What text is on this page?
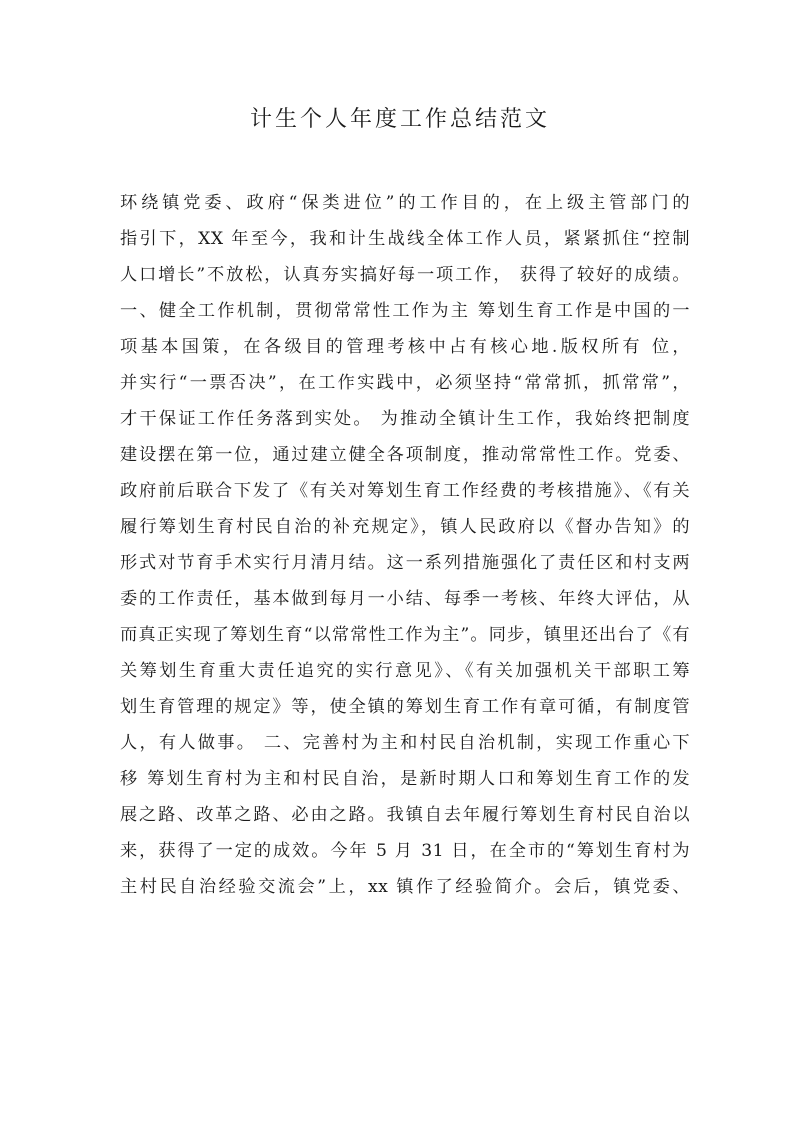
计生个人年度工作总结范文
环绕镇党委、政府“保类进位”的工作目的，在上级主管部门的
指引下，XX 年至今，我和计生战线全体工作人员，紧紧抓住“控制
人口增长”不放松，认真夯实搞好每一项工作， 获得了较好的成绩。
一、健全工作机制，贯彻常常性工作为主 筹划生育工作是中国的一
项基本国策，在各级目的管理考核中占有核心地.版权所有 位，
并实行“一票否决”，在工作实践中，必须坚持“常常抓，抓常常”，
才干保证工作任务落到实处。 为推动全镇计生工作，我始终把制度
建设摆在第一位，通过建立健全各项制度，推动常常性工作。党委、
政府前后联合下发了《有关对筹划生育工作经费的考核措施》、《有关
履行筹划生育村民自治的补充规定》，镇人民政府以《督办告知》的
形式对节育手术实行月清月结。这一系列措施强化了责任区和村支两
委的工作责任，基本做到每月一小结、每季一考核、年终大评估，从
而真正实现了筹划生育“以常常性工作为主”。同步，镇里还出台了《有
关筹划生育重大责任追究的实行意见》、《有关加强机关干部职工筹
划生育管理的规定》等，使全镇的筹划生育工作有章可循，有制度管
人，有人做事。 二、完善村为主和村民自治机制，实现工作重心下
移 筹划生育村为主和村民自治，是新时期人口和筹划生育工作的发
展之路、改革之路、必由之路。我镇自去年履行筹划生育村民自治以
来，获得了一定的成效。今年 5 月 31 日，在全市的“筹划生育村为
主村民自治经验交流会”上，xx 镇作了经验简介。会后，镇党委、
